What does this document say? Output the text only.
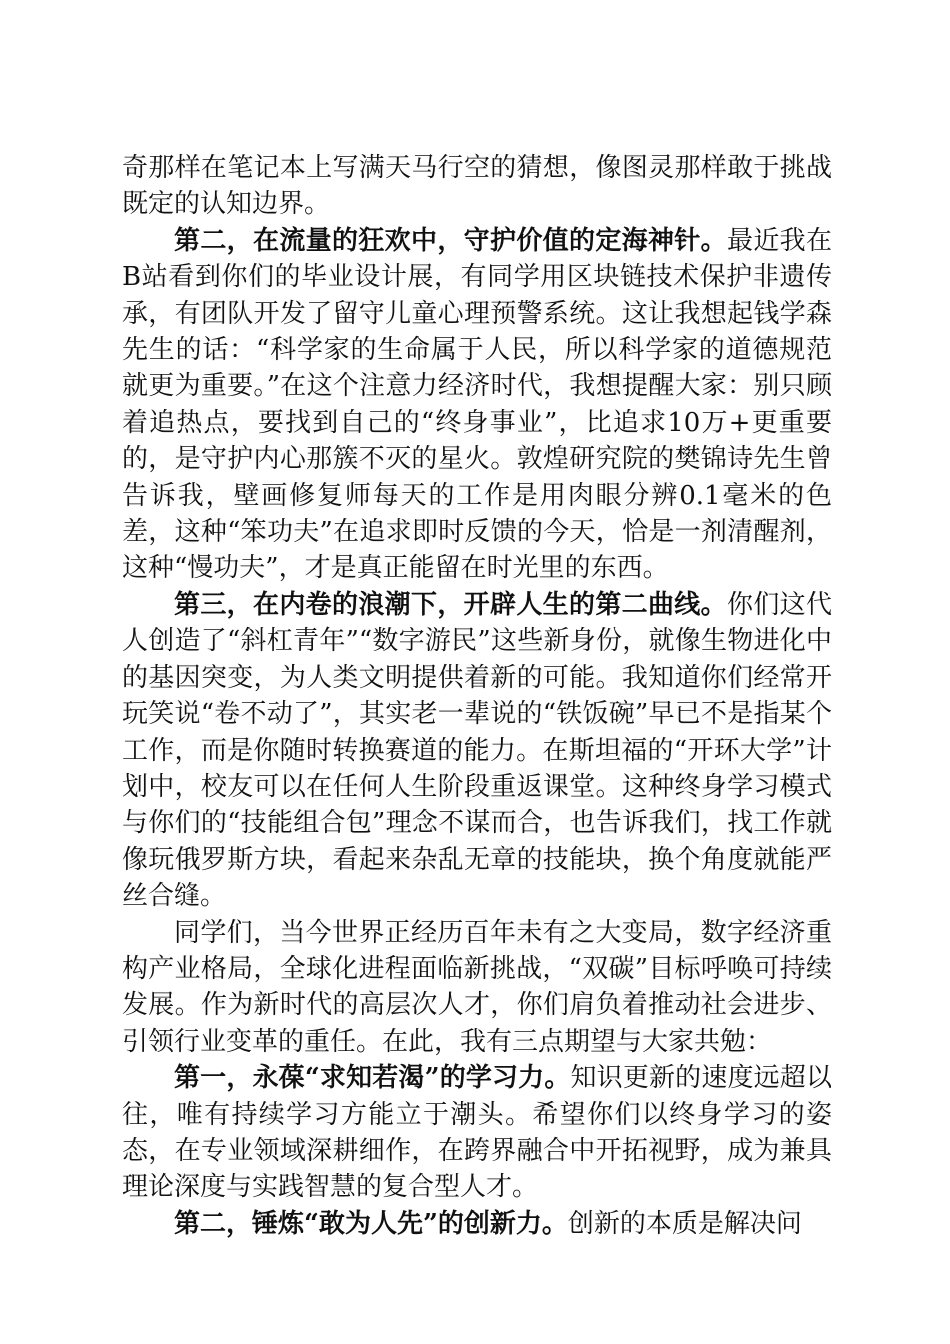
奇那样在笔记本上写满天马行空的猜想，像图灵那样敢于挑战既定的认知边界。

第二，在流量的狂欢中，守护价值的定海神针。最近我在B站看到你们的毕业设计展，有同学用区块链技术保护非遗传承，有团队开发了留守儿童心理预警系统。这让我想起钱学森先生的话：“科学家的生命属于人民，所以科学家的道德规范就更为重要。”在这个注意力经济时代，我想提醒大家：别只顾着追热点，要找到自己的“终身事业”，比追求10万+更重要的，是守护内心那簇不灭的星火。敦煌研究院的樊锦诗先生曾告诉我，壁画修复师每天的工作是用肉眼分辨0.1毫米的色差，这种“笨功夫”在追求即时反馈的今天，恰是一剂清醒剂，这种“慢功夫”，才是真正能留在时光里的东西。

第三，在内卷的浪潮下，开辟人生的第二曲线。你们这代人创造了“斜杠青年”“数字游民”这些新身份，就像生物进化中的基因突变，为人类文明提供着新的可能。我知道你们经常开玩笑说“卷不动了”，其实老一辈说的“铁饭碗”早已不是指某个工作，而是你随时转换赛道的能力。在斯坦福的“开环大学”计划中，校友可以在任何人生阶段重返课堂。这种终身学习模式与你们的“技能组合包”理念不谋而合，也告诉我们，找工作就像玩俄罗斯方块，看起来杂乱无章的技能块，换个角度就能严丝合缝。

同学们，当今世界正经历百年未有之大变局，数字经济重构产业格局，全球化进程面临新挑战，“双碳”目标呼唤可持续发展。作为新时代的高层次人才，你们肩负着推动社会进步、引领行业变革的重任。在此，我有三点期望与大家共勉：

第一，永葆“求知若渴”的学习力。知识更新的速度远超以往，唯有持续学习方能立于潮头。希望你们以终身学习的姿态，在专业领域深耕细作，在跨界融合中开拓视野，成为兼具理论深度与实践智慧的复合型人才。

第二，锤炼“敢为人先”的创新力。创新的本质是解决问
